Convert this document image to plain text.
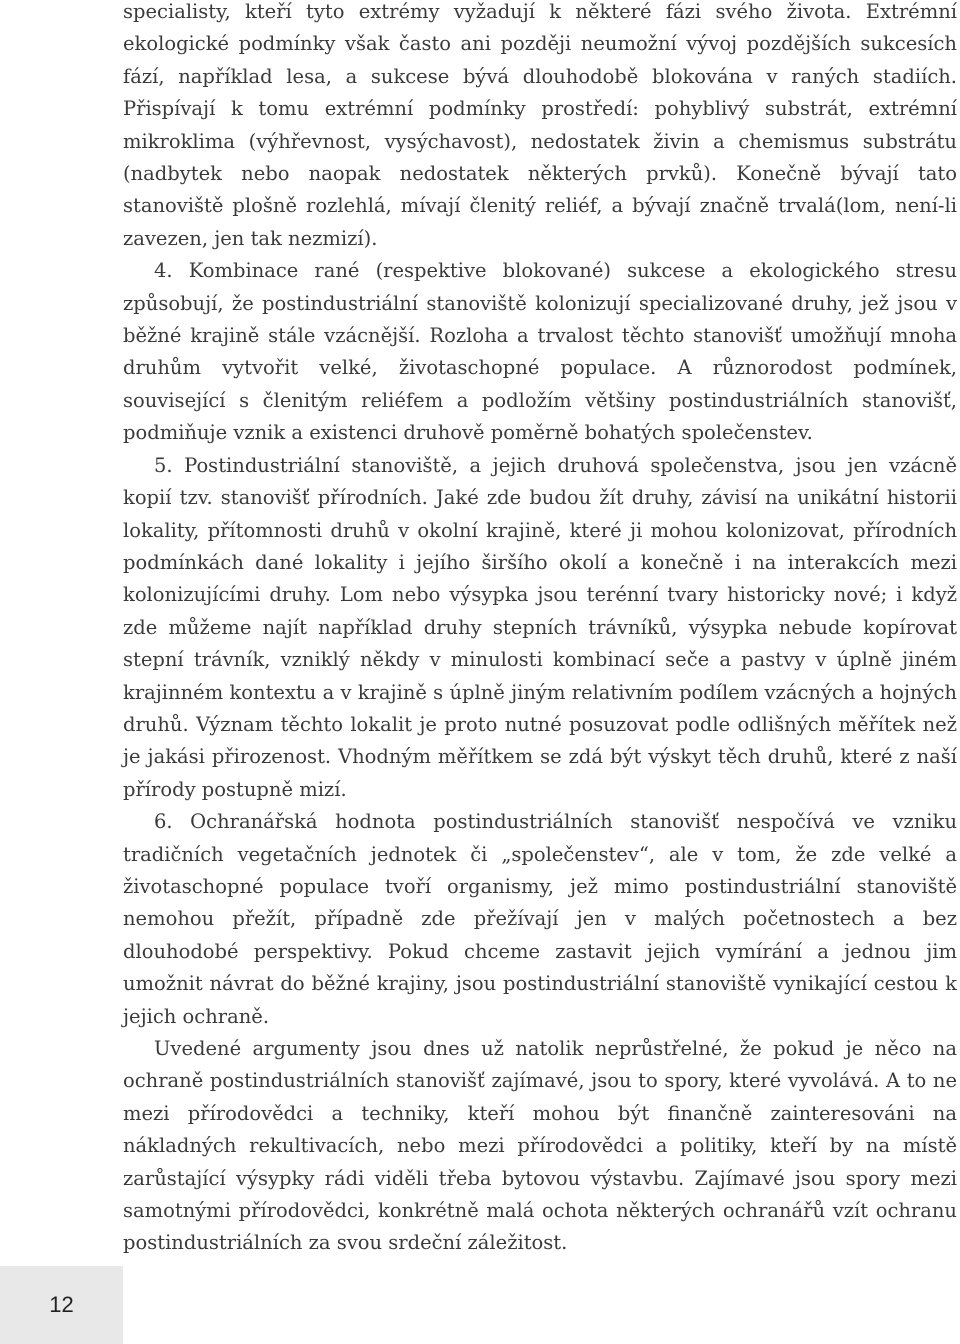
specialisty, kteří tyto extrémy vyžadují k některé fázi svého života. Extrémní ekologické podmínky však často ani později neumožní vývoj pozdějších sukcesích fází, například lesa, a sukcese bývá dlouhodobě blokována v raných stadiích. Přispívají k tomu extrémní podmínky prostředí: pohyblivý substrát, extrémní mikroklima (výhřevnost, vysýchavost), nedostatek živin a chemismus substrátu (nadbytek nebo naopak nedostatek některých prvků). Konečně bývají tato stanoviště plošně rozlehlá, mívají členitý reliéf, a bývají značně trvalá(lom, není-li zavezen, jen tak nezmizí).

4. Kombinace rané (respektive blokované) sukcese a ekologického stresu způsobují, že postindustriální stanoviště kolonizují specializované druhy, jež jsou v běžné krajině stále vzácnější. Rozloha a trvalost těchto stanovišť umožňují mnoha druhům vytvořit velké, životaschopné populace. A různorodost podmínek, související s členitým reliéfem a podložím většiny postindustriálních stanovišť, podmiňuje vznik a existenci druhově poměrně bohatých společenstev.

5. Postindustriální stanoviště, a jejich druhová společenstva, jsou jen vzácně kopií tzv. stanovišť přírodních. Jaké zde budou žít druhy, závisí na unikátní historii lokality, přítomnosti druhů v okolní krajině, které ji mohou kolonizovat, přírodních podmínkách dané lokality i jejího širšího okolí a konečně i na interakcích mezi kolonizujícími druhy. Lom nebo výsypka jsou terénní tvary historicky nové; i když zde můžeme najít například druhy stepních trávníků, výsypka nebude kopírovat stepní trávník, vzniklý někdy v minulosti kombinací seče a pastvy v úplně jiném krajinném kontextu a v krajině s úplně jiným relativním podílem vzácných a hojných druhů. Význam těchto lokalit je proto nutné posuzovat podle odlišných měřítek než je jakási přirozenost. Vhodným měřítkem se zdá být výskyt těch druhů, které z naší přírody postupně mizí.

6. Ochranářská hodnota postindustriálních stanovišť nespočívá ve vzniku tradičních vegetačních jednotek či „společenstev“, ale v tom, že zde velké a životaschopné populace tvoří organismy, jež mimo postindustriální stanoviště nemohou přežít, případně zde přežívají jen v malých početnostech a bez dlouhodobé perspektivy. Pokud chceme zastavit jejich vymírání a jednou jim umožnit návrat do běžné krajiny, jsou postindustriální stanoviště vynikající cestou k jejich ochraně.

Uvedené argumenty jsou dnes už natolik neprůstřelné, že pokud je něco na ochraně postindustriálních stanovišť zajímavé, jsou to spory, které vyvolává. A to ne mezi přírodovědci a techniky, kteří mohou být finančně zainteresováni na nákladných rekultivacích, nebo mezi přírodovědci a politiky, kteří by na místě zarůstající výsypky rádi viděli třeba bytovou výstavbu. Zajímavé jsou spory mezi samotnými přírodovědci, konkrétně malá ochota některých ochranářů vzít ochranu postindustriálních za svou srdeční záležitost.

12
